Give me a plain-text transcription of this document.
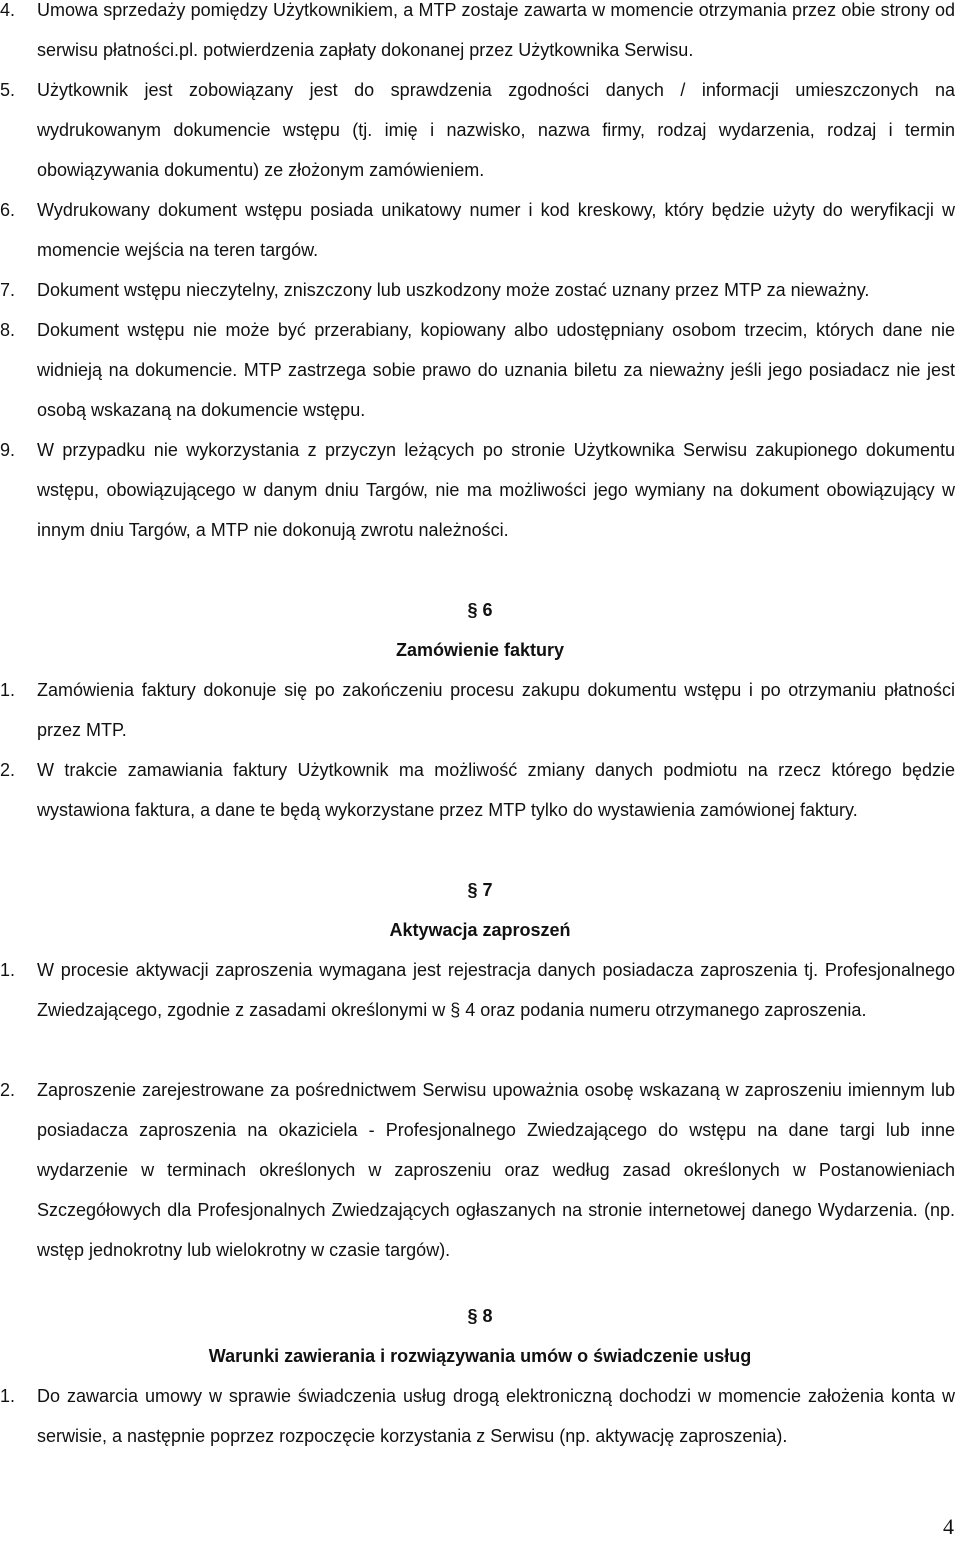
4.	Umowa sprzedaży pomiędzy Użytkownikiem, a MTP zostaje zawarta w momencie otrzymania przez obie strony od serwisu płatności.pl. potwierdzenia zapłaty dokonanej przez Użytkownika Serwisu.
5.	Użytkownik jest zobowiązany jest do sprawdzenia zgodności danych / informacji umieszczonych na wydrukowanym dokumencie wstępu (tj. imię i nazwisko, nazwa firmy, rodzaj wydarzenia, rodzaj i termin obowiązywania dokumentu) ze złożonym zamówieniem.
6.	Wydrukowany dokument wstępu posiada unikatowy numer i kod kreskowy, który będzie użyty do weryfikacji w momencie wejścia na teren targów.
7.	Dokument wstępu nieczytelny, zniszczony lub uszkodzony może zostać uznany przez MTP za nieważny.
8.	Dokument wstępu nie może być przerabiany, kopiowany albo udostępniany osobom trzecim, których dane nie widnieją na dokumencie. MTP zastrzega sobie prawo do uznania biletu za nieważny jeśli jego posiadacz nie jest osobą wskazaną na dokumencie wstępu.
9.	W przypadku nie wykorzystania z przyczyn leżących po stronie Użytkownika Serwisu zakupionego dokumentu wstępu, obowiązującego w danym dniu Targów, nie ma możliwości jego wymiany na dokument obowiązujący w innym dniu Targów, a MTP nie dokonują zwrotu należności.
§ 6
Zamówienie faktury
1.	Zamówienia faktury dokonuje się po zakończeniu procesu zakupu dokumentu wstępu i po otrzymaniu płatności przez MTP.
2.	W trakcie zamawiania faktury Użytkownik ma możliwość zmiany danych podmiotu na rzecz którego będzie wystawiona faktura, a dane te będą wykorzystane przez MTP tylko do wystawienia zamówionej faktury.
§ 7
Aktywacja zaproszeń
1.	W procesie aktywacji zaproszenia wymagana jest rejestracja danych posiadacza zaproszenia tj. Profesjonalnego Zwiedzającego, zgodnie z zasadami określonymi w § 4 oraz podania numeru otrzymanego zaproszenia.
2.	Zaproszenie zarejestrowane za pośrednictwem Serwisu upoważnia osobę wskazaną w zaproszeniu imiennym lub posiadacza zaproszenia na okaziciela - Profesjonalnego Zwiedzającego do wstępu na dane targi lub inne wydarzenie w terminach określonych w zaproszeniu oraz według zasad określonych w Postanowieniach Szczegółowych dla Profesjonalnych Zwiedzających ogłaszanych na stronie internetowej danego Wydarzenia. (np. wstęp jednokrotny lub wielokrotny w czasie targów).
§ 8
Warunki zawierania i rozwiązywania umów o świadczenie usług
1.	Do zawarcia umowy w sprawie świadczenia usług drogą elektroniczną dochodzi w momencie założenia konta w serwisie, a następnie poprzez rozpoczęcie korzystania z Serwisu (np. aktywację zaproszenia).
4
